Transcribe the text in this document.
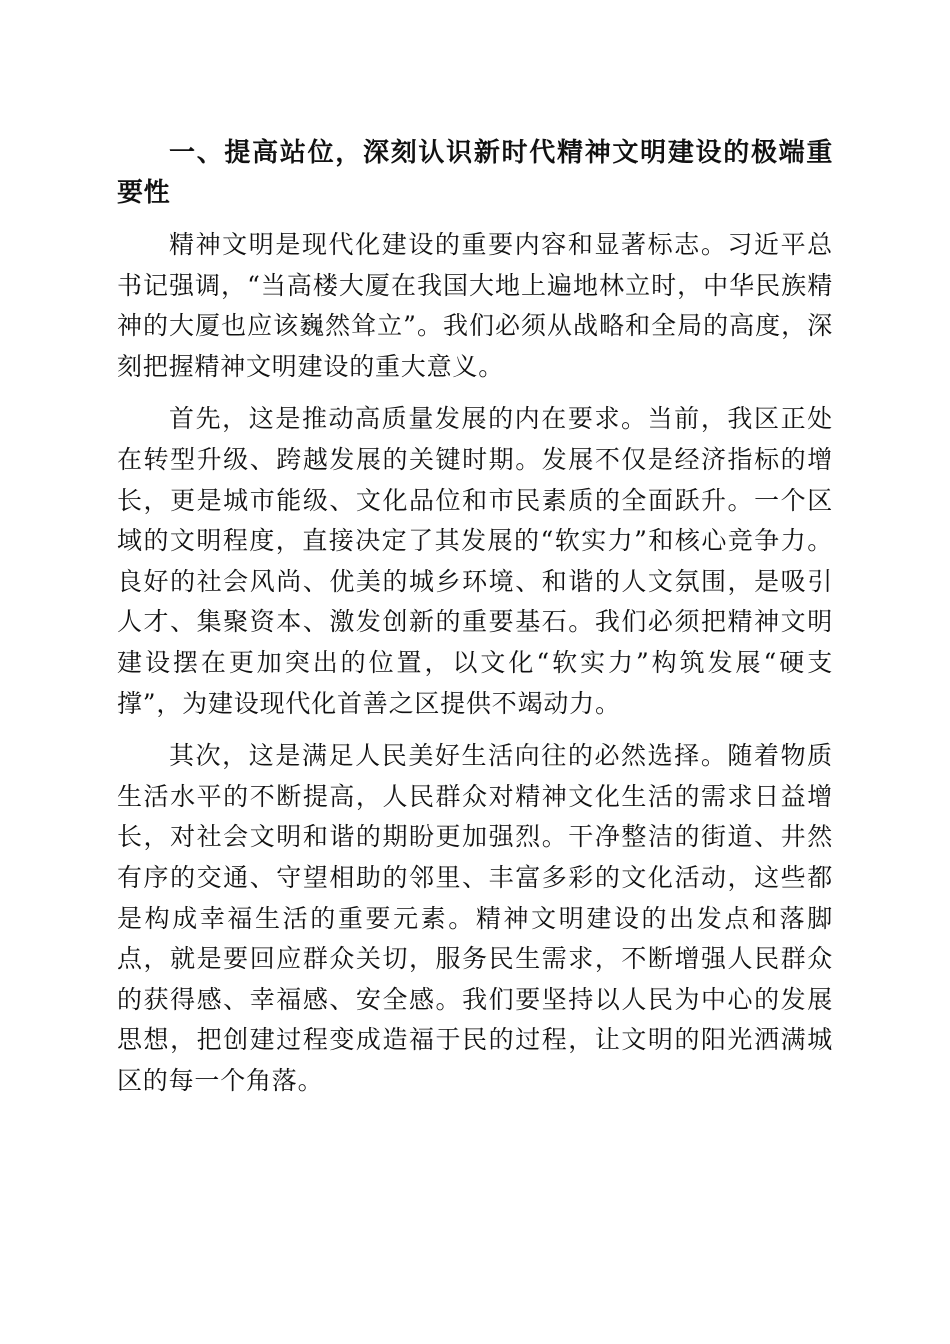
一、提高站位，深刻认识新时代精神文明建设的极端重要性

精神文明是现代化建设的重要内容和显著标志。习近平总书记强调，“当高楼大厦在我国大地上遍地林立时，中华民族精神的大厦也应该巍然耸立”。我们必须从战略和全局的高度，深刻把握精神文明建设的重大意义。

首先，这是推动高质量发展的内在要求。当前，我区正处在转型升级、跨越发展的关键时期。发展不仅是经济指标的增长，更是城市能级、文化品位和市民素质的全面跃升。一个区域的文明程度，直接决定了其发展的“软实力”和核心竞争力。良好的社会风尚、优美的城乡环境、和谐的人文氛围，是吸引人才、集聚资本、激发创新的重要基石。我们必须把精神文明建设摆在更加突出的位置，以文化“软实力”构筑发展“硬支撑”，为建设现代化首善之区提供不竭动力。

其次，这是满足人民美好生活向往的必然选择。随着物质生活水平的不断提高，人民群众对精神文化生活的需求日益增长，对社会文明和谐的期盼更加强烈。干净整洁的街道、井然有序的交通、守望相助的邻里、丰富多彩的文化活动，这些都是构成幸福生活的重要元素。精神文明建设的出发点和落脚点，就是要回应群众关切，服务民生需求，不断增强人民群众的获得感、幸福感、安全感。我们要坚持以人民为中心的发展思想，把创建过程变成造福于民的过程，让文明的阳光洒满城区的每一个角落。
